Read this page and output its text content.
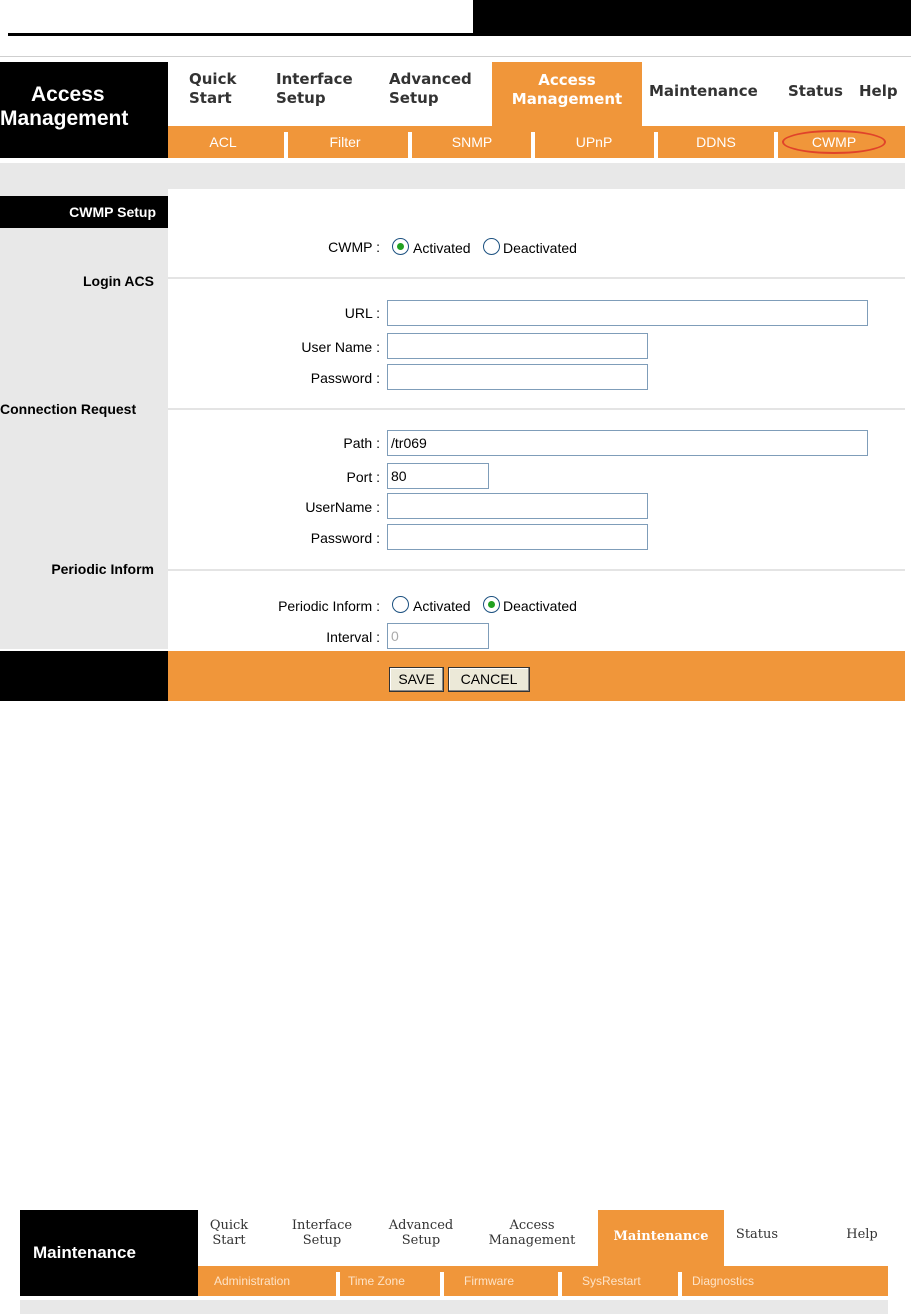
Quick
Start
Interface
Setup
Advanced
Setup
Access
Management	Maintenance Status Help
Access
Management
ACL	Filter	SNMP	UPnP	DDNS	CWMP
CWMP Setup
CWMP : Activated Deactivated
Login ACS
URL :
User Name :
Password :
Connection Request
Path :
/tr069
Port :
80
UserName :
Password :
Periodic Inform
Periodic Inform : Activated Deactivated
Interval :
0
SAVE	CANCEL
Maintenance
Quick
Start
Interface
Setup
Advanced
Setup
Access
Management	Maintenance	Status	Help
Administration	Time Zone	Firmware	SysRestart	Diagnostics
